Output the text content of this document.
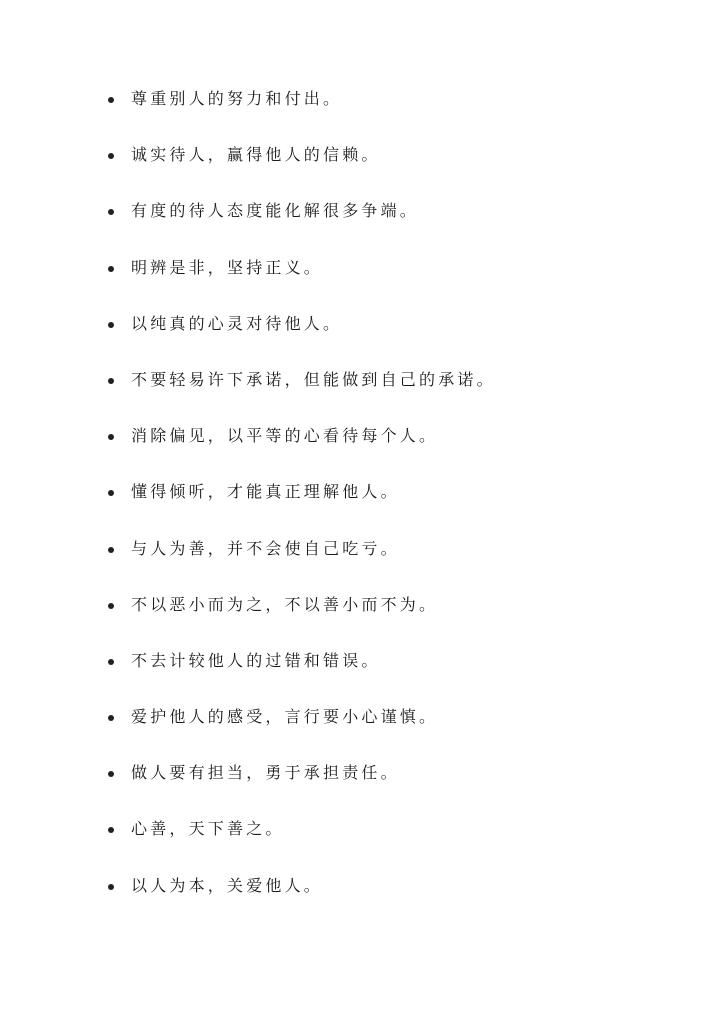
尊重别人的努力和付出。
诚实待人，赢得他人的信赖。
有度的待人态度能化解很多争端。
明辨是非，坚持正义。
以纯真的心灵对待他人。
不要轻易许下承诺，但能做到自己的承诺。
消除偏见，以平等的心看待每个人。
懂得倾听，才能真正理解他人。
与人为善，并不会使自己吃亏。
不以恶小而为之，不以善小而不为。
不去计较他人的过错和错误。
爱护他人的感受，言行要小心谨慎。
做人要有担当，勇于承担责任。
心善，天下善之。
以人为本，关爱他人。
